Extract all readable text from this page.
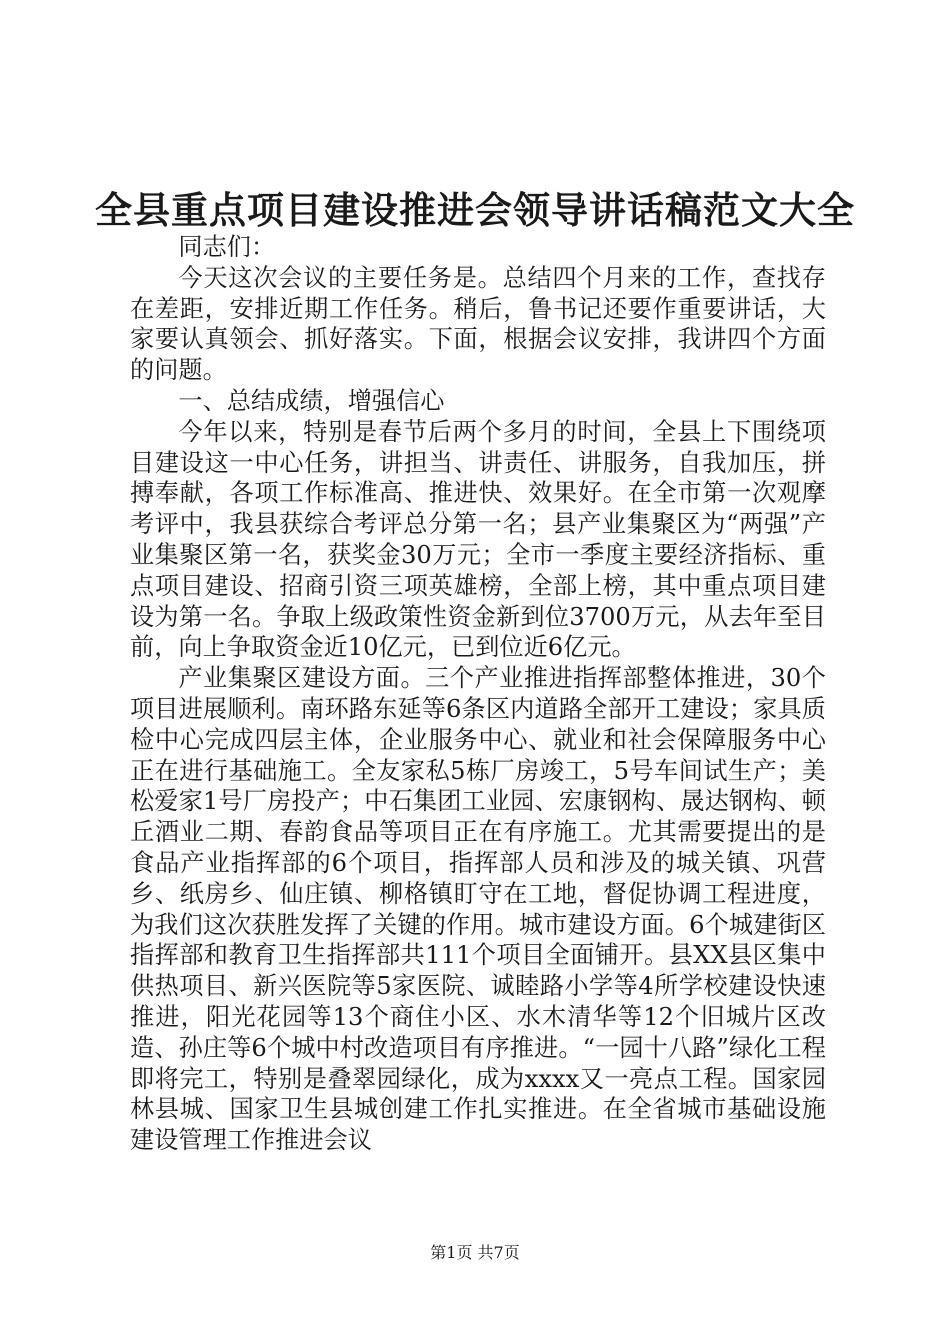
全县重点项目建设推进会领导讲话稿范文大全

同志们：

今天这次会议的主要任务是。总结四个月来的工作，查找存在差距，安排近期工作任务。稍后，鲁书记还要作重要讲话，大家要认真领会、抓好落实。下面，根据会议安排，我讲四个方面的问题。

一、总结成绩，增强信心

今年以来，特别是春节后两个多月的时间，全县上下围绕项目建设这一中心任务，讲担当、讲责任、讲服务，自我加压，拼搏奉献，各项工作标准高、推进快、效果好。在全市第一次观摩考评中，我县获综合考评总分第一名；县产业集聚区为“两强”产业集聚区第一名，获奖金30万元；全市一季度主要经济指标、重点项目建设、招商引资三项英雄榜，全部上榜，其中重点项目建设为第一名。争取上级政策性资金新到位3700万元，从去年至目前，向上争取资金近10亿元，已到位近6亿元。

产业集聚区建设方面。三个产业推进指挥部整体推进，30个项目进展顺利。南环路东延等6条区内道路全部开工建设；家具质检中心完成四层主体，企业服务中心、就业和社会保障服务中心正在进行基础施工。全友家私5栋厂房竣工，5号车间试生产；美松爱家1号厂房投产；中石集团工业园、宏康钢构、晟达钢构、顿丘酒业二期、春韵食品等项目正在有序施工。尤其需要提出的是食品产业指挥部的6个项目，指挥部人员和涉及的城关镇、巩营乡、纸房乡、仙庄镇、柳格镇盯守在工地，督促协调工程进度，为我们这次获胜发挥了关键的作用。城市建设方面。6个城建街区指挥部和教育卫生指挥部共111个项目全面铺开。县XX县区集中供热项目、新兴医院等5家医院、诚睦路小学等4所学校建设快速推进，阳光花园等13个商住小区、水木清华等12个旧城片区改造、孙庄等6个城中村改造项目有序推进。“一园十八路”绿化工程即将完工，特别是叠翠园绿化，成为xxxx又一亮点工程。国家园林县城、国家卫生县城创建工作扎实推进。在全省城市基础设施建设管理工作推进会议

第1页 共7页
